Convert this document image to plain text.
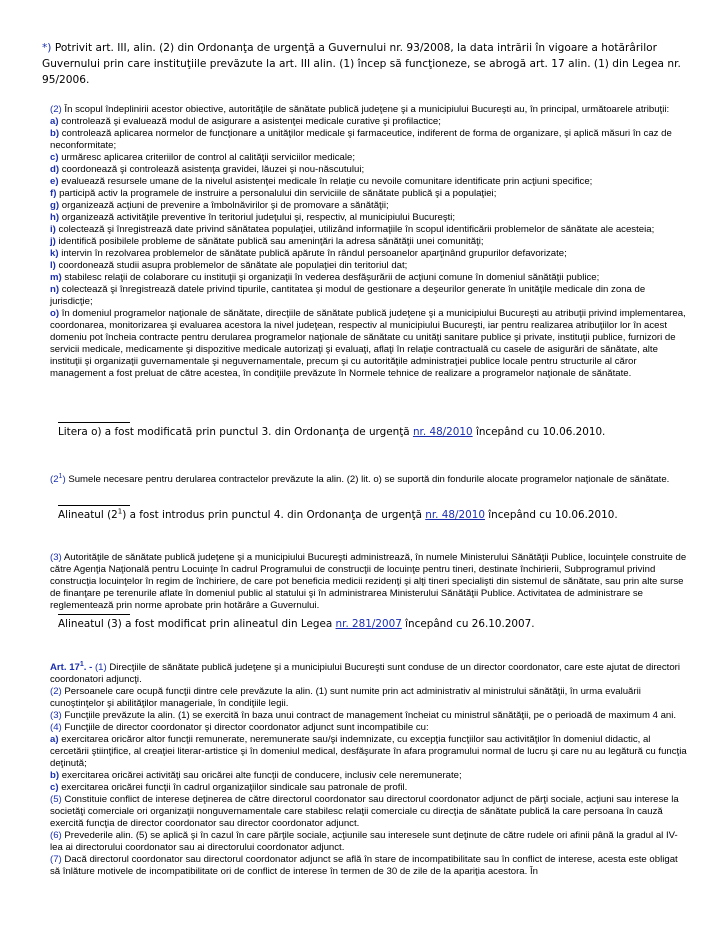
*) Potrivit art. III, alin. (2) din Ordonanţa de urgenţă a Guvernului nr. 93/2008, la data intrării în vigoare a hotărârilor Guvernului prin care instituţiile prevăzute la art. III alin. (1) încep să funcţioneze, se abrogă art. 17 alin. (1) din Legea nr. 95/2006.

(2) În scopul îndeplinirii acestor obiective, autorităţile de sănătate publică judeţene şi a municipiului Bucureşti au, în principal, următoarele atribuţii:

a) controlează şi evaluează modul de asigurare a asistenţei medicale curative şi profilactice;

b) controlează aplicarea normelor de funcţionare a unităţilor medicale şi farmaceutice, indiferent de forma de organizare, şi aplică măsuri în caz de neconformitate;

c) urmăresc aplicarea criteriilor de control al calităţii serviciilor medicale;

d) coordonează şi controlează asistenţa gravidei, lăuzei şi nou-născutului;

e) evaluează resursele umane de la nivelul asistenţei medicale în relaţie cu nevoile comunitare identificate prin acţiuni specifice;

f) participă activ la programele de instruire a personalului din serviciile de sănătate publică şi a populaţiei;

g) organizează acţiuni de prevenire a îmbolnăvirilor şi de promovare a sănătăţii;

h) organizează activităţile preventive în teritoriul judeţului şi, respectiv, al municipiului Bucureşti;

i) colectează şi înregistrează date privind sănătatea populaţiei, utilizând informaţiile în scopul identificării problemelor de sănătate ale acesteia;

j) identifică posibilele probleme de sănătate publică sau ameninţări la adresa sănătăţii unei comunităţi;

k) intervin în rezolvarea problemelor de sănătate publică apărute în rândul persoanelor aparţinând grupurilor defavorizate;

l) coordonează studii asupra problemelor de sănătate ale populaţiei din teritoriul dat;

m) stabilesc relaţii de colaborare cu instituţii şi organizaţii în vederea desfăşurării de acţiuni comune în domeniul sănătăţii publice;

n) colectează şi înregistrează datele privind tipurile, cantitatea şi modul de gestionare a deşeurilor generate în unităţile medicale din zona de jurisdicţie;

o) în domeniul programelor naţionale de sănătate, direcţiile de sănătate publică judeţene şi a municipiului Bucureşti au atribuţii privind implementarea, coordonarea, monitorizarea şi evaluarea acestora la nivel judeţean, respectiv al municipiului Bucureşti, iar pentru realizarea atribuţiilor lor în acest domeniu pot încheia contracte pentru derularea programelor naţionale de sănătate cu unităţi sanitare publice şi private, instituţii publice, furnizori de servicii medicale, medicamente şi dispozitive medicale autorizaţi şi evaluaţi, aflaţi în relaţie contractuală cu casele de asigurări de sănătate, alte instituţii şi organizaţii guvernamentale şi neguvernamentale, precum şi cu autorităţile administraţiei publice locale pentru structurile al căror management a fost preluat de către acestea, în condiţiile prevăzute în Normele tehnice de realizare a programelor naţionale de sănătate.

Litera o) a fost modificată prin punctul 3. din Ordonanţa de urgenţă nr. 48/2010 începând cu 10.06.2010.

$(2^1)$ Sumele necesare pentru derularea contractelor prevăzute la alin. (2) lit. o) se suportă din fondurile alocate programelor naţionale de sănătate.

Alineatul $(2^1)$ a fost introdus prin punctul 4. din Ordonanţa de urgenţă nr. 48/2010 începând cu 10.06.2010.

(3) Autorităţile de sănătate publică judeţene şi a municipiului Bucureşti administrează, în numele Ministerului Sănătăţii Publice, locuinţele construite de către Agenţia Naţională pentru Locuinţe în cadrul Programului de construcţii de locuinţe pentru tineri, destinate închirierii, Subprogramul privind construcţia locuinţelor în regim de închiriere, de care pot beneficia medicii rezidenţi şi alţi tineri specialişti din sistemul de sănătate, sau prin alte surse de finanţare pe terenurile aflate în domeniul public al statului şi în administrarea Ministerului Sănătăţii Publice. Activitatea de administrare se reglementează prin norme aprobate prin hotărâre a Guvernului.

Alineatul (3) a fost modificat prin alineatul din Legea nr. 281/2007 începând cu 26.10.2007.

Art. $17^1$. - (1) Direcţiile de sănătate publică judeţene şi a municipiului Bucureşti sunt conduse de un director coordonator, care este ajutat de directori coordonatori adjuncţi.

(2) Persoanele care ocupă funcţii dintre cele prevăzute la alin. (1) sunt numite prin act administrativ al ministrului sănătăţii, în urma evaluării cunoştinţelor şi abilităţilor manageriale, în condiţiile legii.

(3) Funcţiile prevăzute la alin. (1) se exercită în baza unui contract de management încheiat cu ministrul sănătăţii, pe o perioadă de maximum 4 ani.

(4) Funcţiile de director coordonator şi director coordonator adjunct sunt incompatibile cu:

a) exercitarea oricăror altor funcţii remunerate, neremunerate sau/şi indemnizate, cu excepţia funcţiilor sau activităţilor în domeniul didactic, al cercetării ştiinţifice, al creaţiei literar-artistice şi în domeniul medical, desfăşurate în afara programului normal de lucru şi care nu au legătură cu funcţia deţinută;

b) exercitarea oricărei activităţi sau oricărei alte funcţii de conducere, inclusiv cele neremunerate;

c) exercitarea oricărei funcţii în cadrul organizaţiilor sindicale sau patronale de profil.

(5) Constituie conflict de interese deţinerea de către directorul coordonator sau directorul coordonator adjunct de părţi sociale, acţiuni sau interese la societăţi comerciale ori organizaţii nonguvernamentale care stabilesc relaţii comerciale cu direcţia de sănătate publică la care persoana în cauză exercită funcţia de director coordonator sau director coordonator adjunct.

(6) Prevederile alin. (5) se aplică şi în cazul în care părţile sociale, acţiunile sau interesele sunt deţinute de către rudele ori afinii până la gradul al IV-lea ai directorului coordonator sau ai directorului coordonator adjunct.

(7) Dacă directorul coordonator sau directorul coordonator adjunct se află în stare de incompatibilitate sau în conflict de interese, acesta este obligat să înlăture motivele de incompatibilitate ori de conflict de interese în termen de 30 de zile de la apariţia acestora. În
